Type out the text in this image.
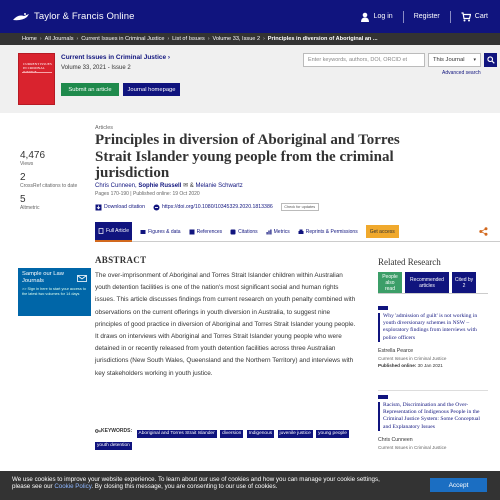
Taylor & Francis Online	Log in	Register	Cart
Home › All Journals › Current Issues in Criminal Justice › List of Issues › Volume 33, Issue 2 › Principles in diversion of Aboriginal an ...
CURRENT ISSUES IN CRIMINAL
Current Issues in Criminal Justice ›
Volume 33, 2021 - Issue 2
Submit an article	Journal homepage
Enter keywords, authors, DOI, ORCID et	This Journal ▾
Advanced search
4,476
Views
2
CrossRef citations to date
5
Altmetric
Articles
Principles in diversion of Aboriginal and Torres Strait Islander young people from the criminal jurisdiction
Chris Cunneen, Sophie Russell ✉ & Melanie Schwartz
Pages 170-190 | Published online: 19 Oct 2020
Download citation	https://doi.org/10.1080/10345329.2020.1813386	Check for updates
Full Article	Figures & data	References	Citations	Metrics	Reprints & Permissions	Get access
Sample our Law Journals
>> Sign in here to start your access to the latest two volumes for 14 days
ABSTRACT
The over-imprisonment of Aboriginal and Torres Strait Islander children within Australian youth detention facilities is one of the nation's most significant social and human rights issues. This article discusses findings from current research on youth penalty combined with observations on the current offerings in youth diversion in Australia, to suggest nine principles of good practice in diversion of Aboriginal and Torres Strait Islander young people. It draws on interviews with Aboriginal and Torres Strait Islander young people who were detained in or recently released from youth detention facilities across three Australian jurisdictions (New South Wales, Queensland and the Northern Territory) and interviews with key stakeholders working in youth justice.
KEYWORDS: Aboriginal and Torres Strait Islander diversion Indigenous juvenile justice young people youth detention
Related Research
People also read
Recommended articles
Cited by 2
Why 'admission of guilt' is not working in youth diversionary schemes in NSW – exploratory findings from interviews with police officers
Estrella Pearce
Current Issues in Criminal Justice
Published online: 30 Jan 2021
Racism, Discrimination and the Over-Representation of Indigenous People in the Criminal Justice System: Some Conceptual and Explanatory Issues
Chris Cunneen
Current Issues in Criminal Justice
We use cookies to improve your website experience. To learn about our use of cookies and how you can manage your cookie settings,
please see our Cookie Policy. By closing this message, you are consenting to our use of cookies.	Accept
